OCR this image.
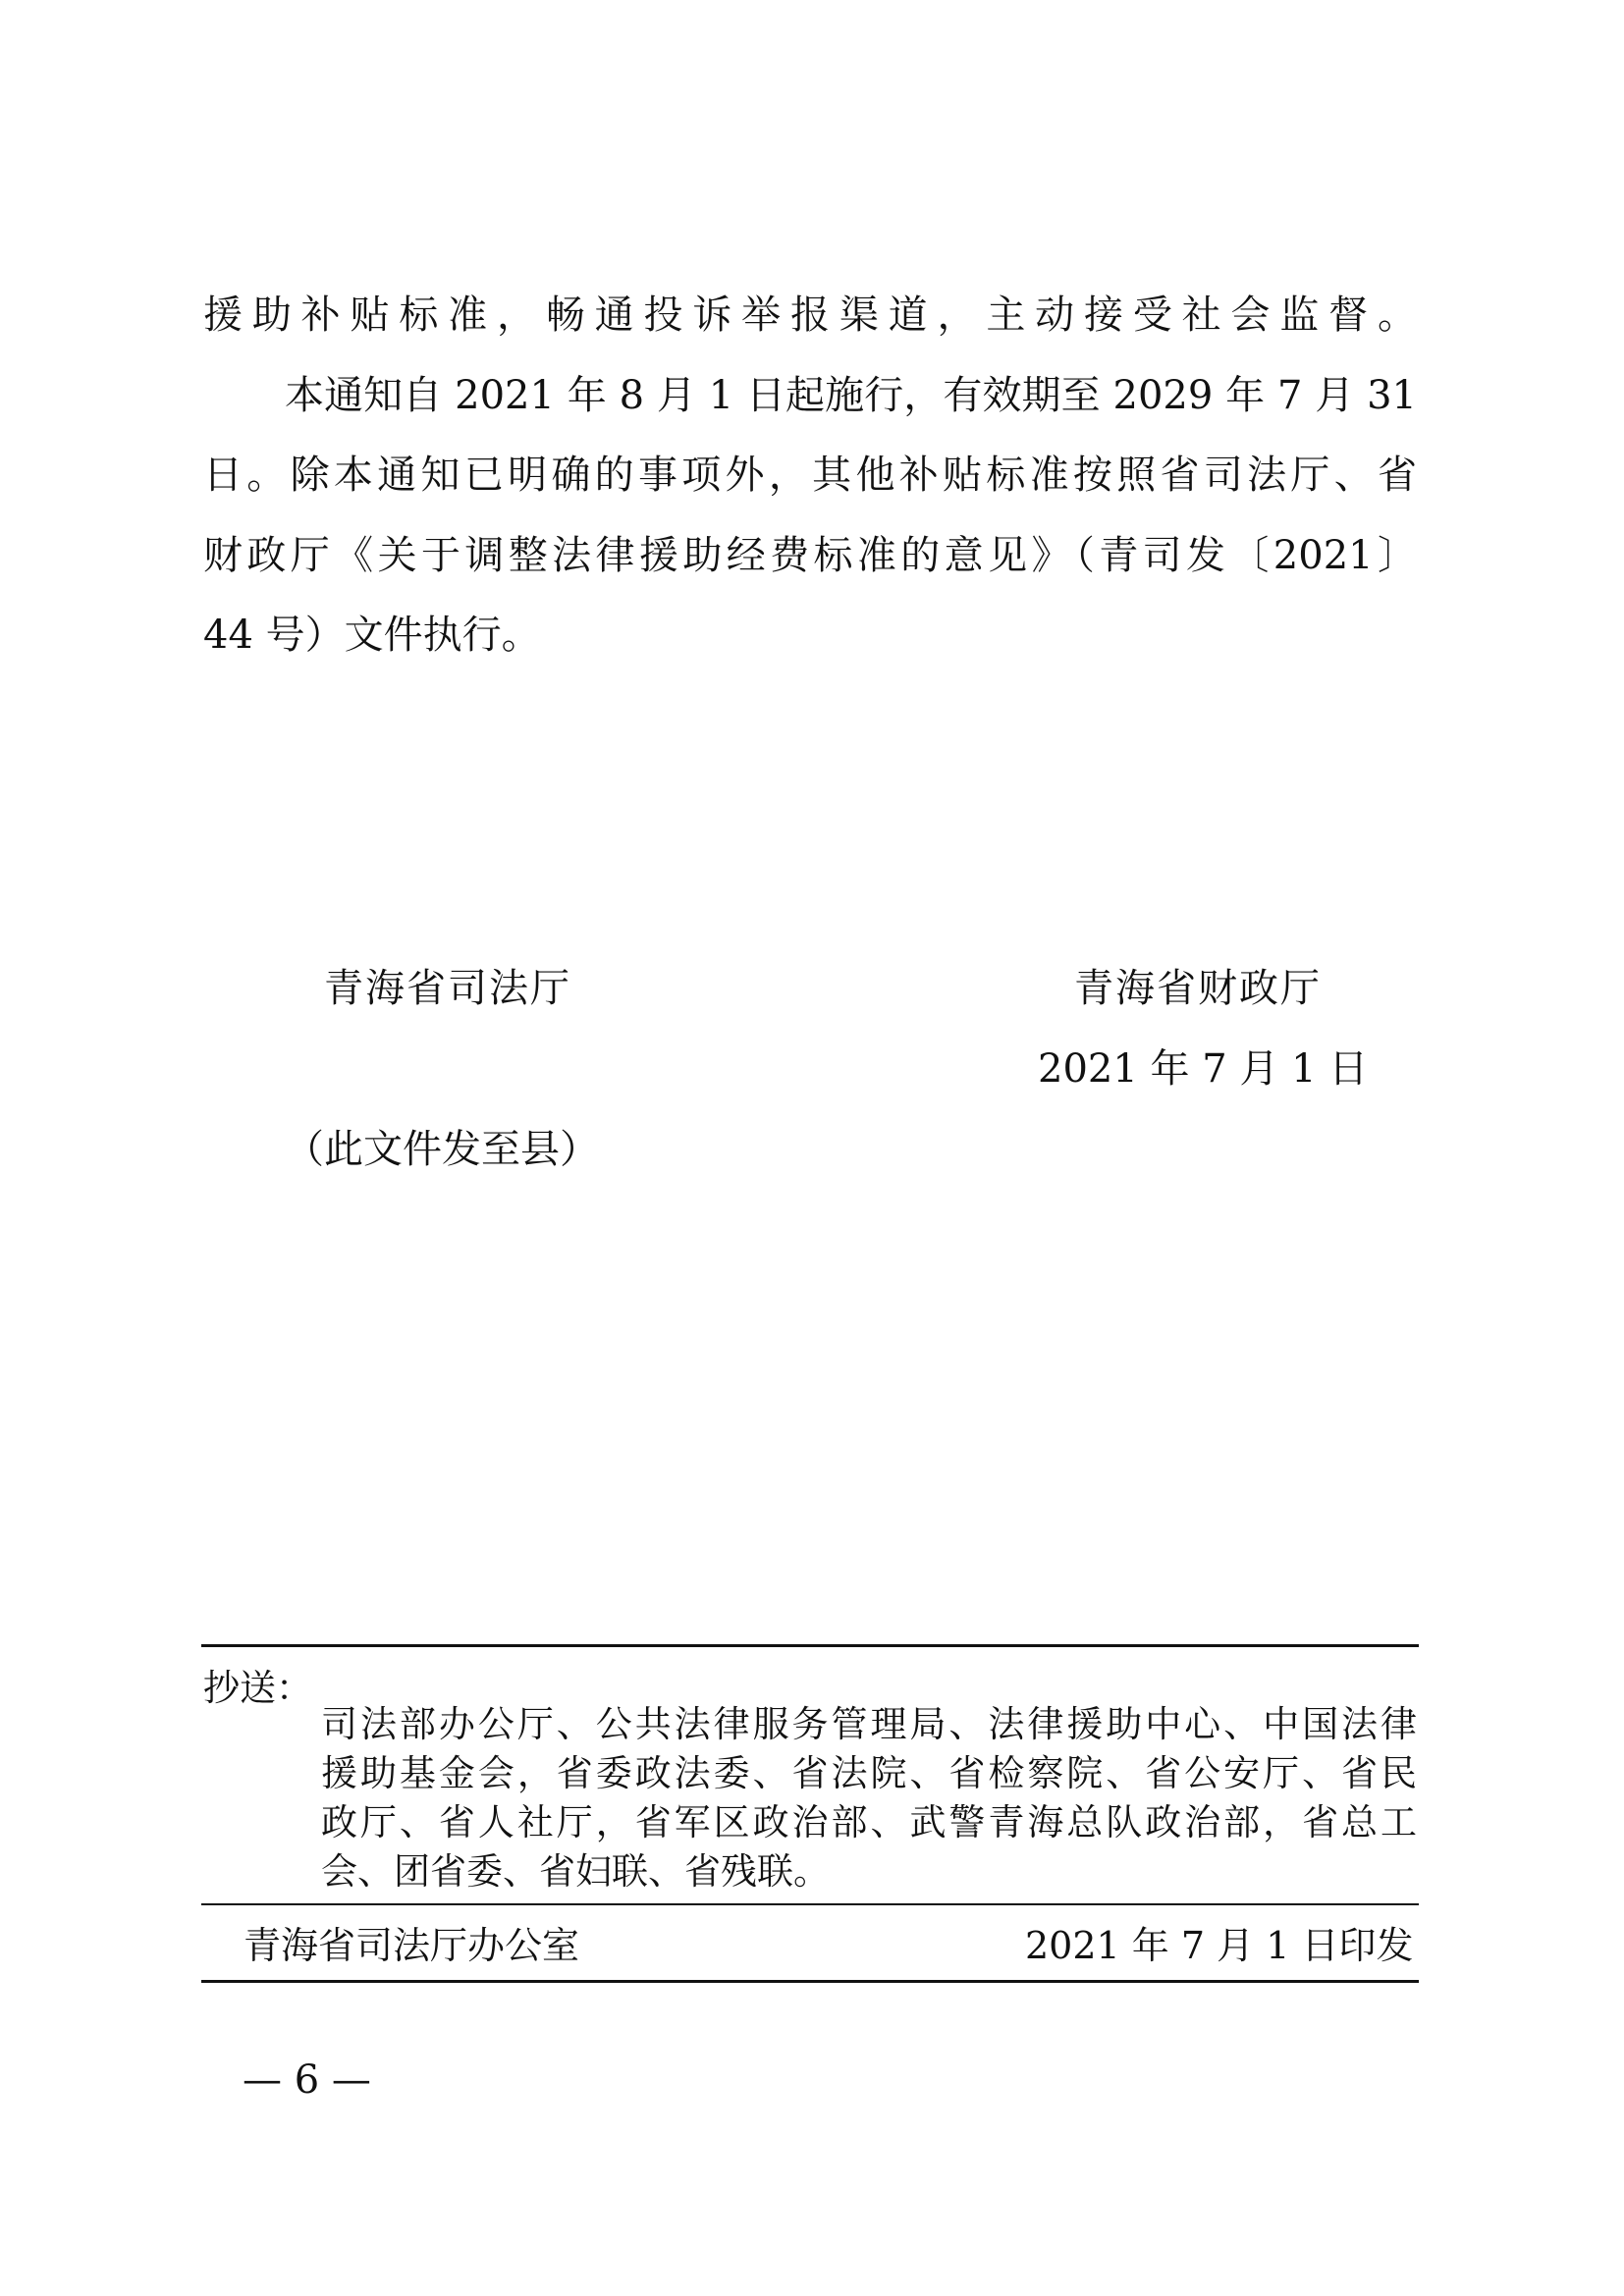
援助补贴标准，畅通投诉举报渠道，主动接受社会监督。

本通知自 2021 年 8 月 1 日起施行，有效期至 2029 年 7 月 31

日。除本通知已明确的事项外，其他补贴标准按照省司法厅、省

财政厅《关于调整法律援助经费标准的意见》（青司发〔2021〕

44 号）文件执行。

青海省司法厅	青海省财政厅

2021 年 7 月 1 日

（此文件发至县）

抄送：

司法部办公厅、公共法律服务管理局、法律援助中心、中国法律

援助基金会，省委政法委、省法院、省检察院、省公安厅、省民

政厅、省人社厅，省军区政治部、武警青海总队政治部，省总工

会、团省委、省妇联、省残联。

青海省司法厅办公室	2021 年 7 月 1 日印发

— 6 —
